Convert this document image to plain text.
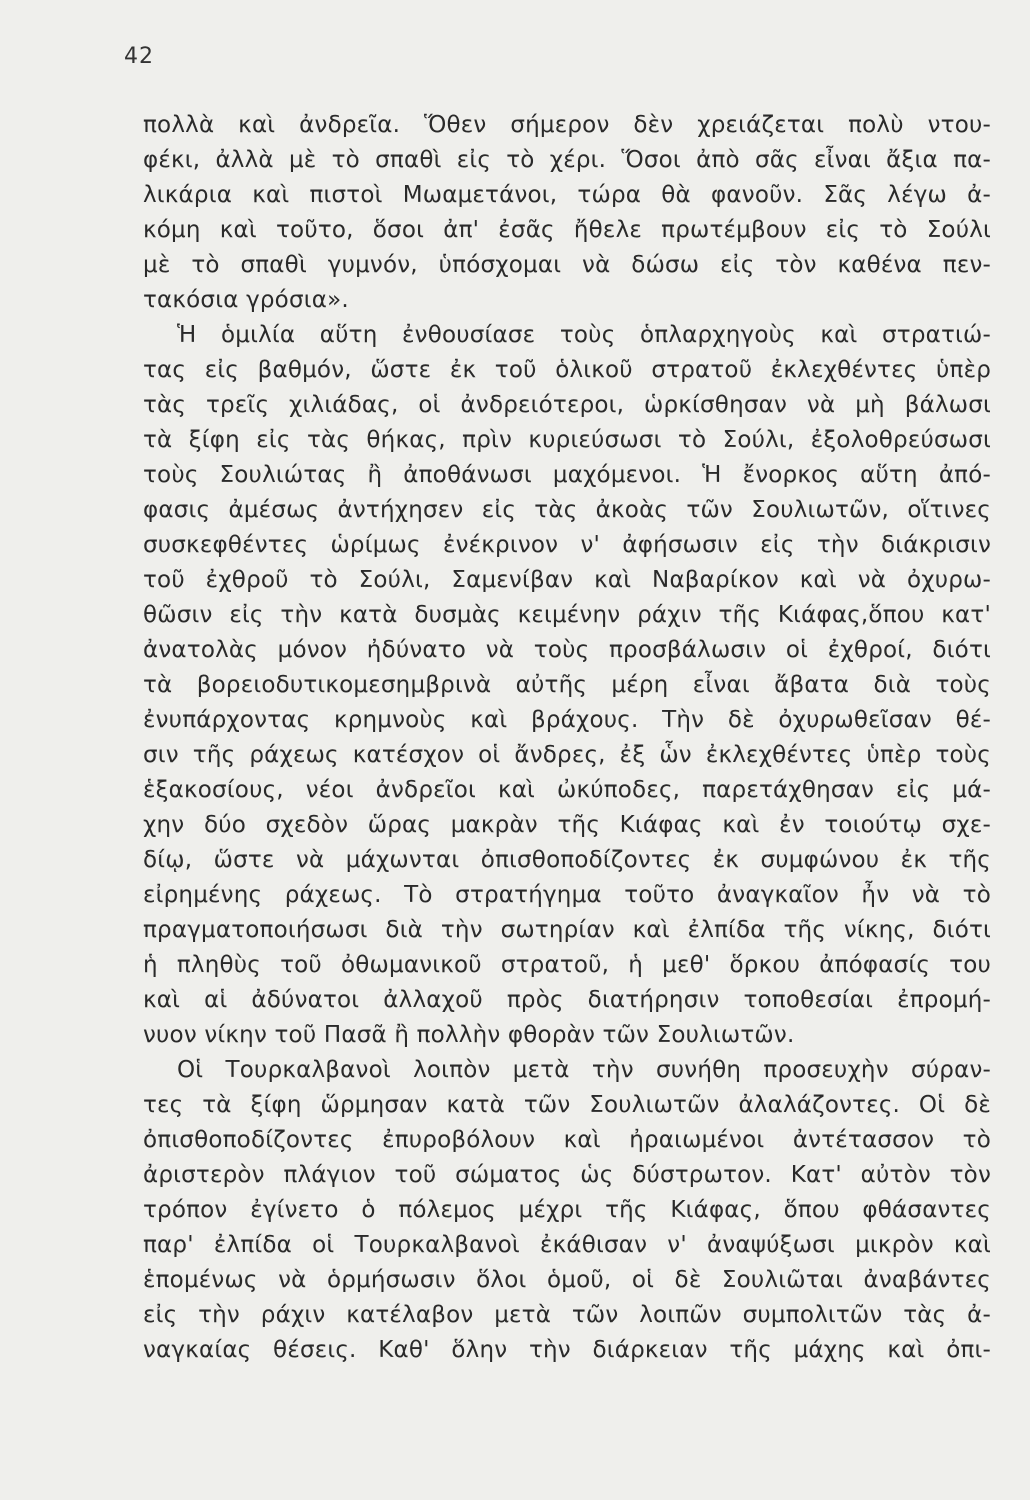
42
πολλὰ καὶ ἀνδρεῖα. Ὅθεν σήμερον δὲν χρειάζεται πολὺ ντου-
φέκι, ἀλλὰ μὲ τὸ σπαθὶ εἰς τὸ χέρι. Ὅσοι ἀπὸ σᾶς εἶναι ἄξια πα-
λικάρια καὶ πιστοὶ Μωαμετάνοι, τώρα θὰ φανοῦν. Σᾶς λέγω ἀ-
κόμη καὶ τοῦτο, ὅσοι ἀπ' ἐσᾶς ἤθελε πρωτέμβουν εἰς τὸ Σούλι
μὲ τὸ σπαθὶ γυμνόν, ὑπόσχομαι νὰ δώσω εἰς τὸν καθένα πεν-
τακόσια γρόσια».
Ἡ ὁμιλία αὕτη ἐνθουσίασε τοὺς ὁπλαρχηγοὺς καὶ στρατιώ-
τας εἰς βαθμόν, ὥστε ἐκ τοῦ ὁλικοῦ στρατοῦ ἐκλεχθέντες ὑπὲρ
τὰς τρεῖς χιλιάδας, οἱ ἀνδρειότεροι, ὡρκίσθησαν νὰ μὴ βάλωσι
τὰ ξίφη εἰς τὰς θήκας, πρὶν κυριεύσωσι τὸ Σούλι, ἐξολοθρεύσωσι
τοὺς Σουλιώτας ἢ ἀποθάνωσι μαχόμενοι. Ἡ ἔνορκος αὕτη ἀπό-
φασις ἀμέσως ἀντήχησεν εἰς τὰς ἀκοὰς τῶν Σουλιωτῶν, οἵτινες
συσκεφθέντες ὡρίμως ἐνέκρινον ν' ἀφήσωσιν εἰς τὴν διάκρισιν
τοῦ ἐχθροῦ τὸ Σούλι, Σαμενίβαν καὶ Ναβαρίκον καὶ νὰ ὀχυρω-
θῶσιν εἰς τὴν κατὰ δυσμὰς κειμένην ράχιν τῆς Κιάφας,ὅπου κατ'
ἀνατολὰς μόνον ἠδύνατο νὰ τοὺς προσβάλωσιν οἱ ἐχθροί, διότι
τὰ βορειοδυτικομεσημβρινὰ αὐτῆς μέρη εἶναι ἄβατα διὰ τοὺς
ἐνυπάρχοντας κρημνοὺς καὶ βράχους. Τὴν δὲ ὀχυρωθεῖσαν θέ-
σιν τῆς ράχεως κατέσχον οἱ ἄνδρες, ἐξ ὧν ἐκλεχθέντες ὑπὲρ τοὺς
ἑξακοσίους, νέοι ἀνδρεῖοι καὶ ὠκύποδες, παρετάχθησαν εἰς μά-
χην δύο σχεδὸν ὥρας μακρὰν τῆς Κιάφας καὶ ἐν τοιούτῳ σχε-
δίῳ, ὥστε νὰ μάχωνται ὀπισθοποδίζοντες ἐκ συμφώνου ἐκ τῆς
εἰρημένης ράχεως. Τὸ στρατήγημα τοῦτο ἀναγκαῖον ἦν νὰ τὸ
πραγματοποιήσωσι διὰ τὴν σωτηρίαν καὶ ἐλπίδα τῆς νίκης, διότι
ἡ πληθὺς τοῦ ὀθωμανικοῦ στρατοῦ, ἡ μεθ' ὅρκου ἀπόφασίς του
καὶ αἱ ἀδύνατοι ἀλλαχοῦ πρὸς διατήρησιν τοποθεσίαι ἐπρομή-
νυον νίκην τοῦ Πασᾶ ἢ πολλὴν φθορὰν τῶν Σουλιωτῶν.
Οἱ Τουρκαλβανοὶ λοιπὸν μετὰ τὴν συνήθη προσευχὴν σύραν-
τες τὰ ξίφη ὥρμησαν κατὰ τῶν Σουλιωτῶν ἀλαλάζοντες. Οἱ δὲ
ὀπισθοποδίζοντες ἐπυροβόλουν καὶ ἠραιωμένοι ἀντέτασσον τὸ
ἀριστερὸν πλάγιον τοῦ σώματος ὡς δύστρωτον. Κατ' αὐτὸν τὸν
τρόπον ἐγίνετο ὁ πόλεμος μέχρι τῆς Κιάφας, ὅπου φθάσαντες
παρ' ἐλπίδα οἱ Τουρκαλβανοὶ ἐκάθισαν ν' ἀναψύξωσι μικρὸν καὶ
ἑπομένως νὰ ὁρμήσωσιν ὅλοι ὁμοῦ, οἱ δὲ Σουλιῶται ἀναβάντες
εἰς τὴν ράχιν κατέλαβον μετὰ τῶν λοιπῶν συμπολιτῶν τὰς ἀ-
ναγκαίας θέσεις. Καθ' ὅλην τὴν διάρκειαν τῆς μάχης καὶ ὀπι-
